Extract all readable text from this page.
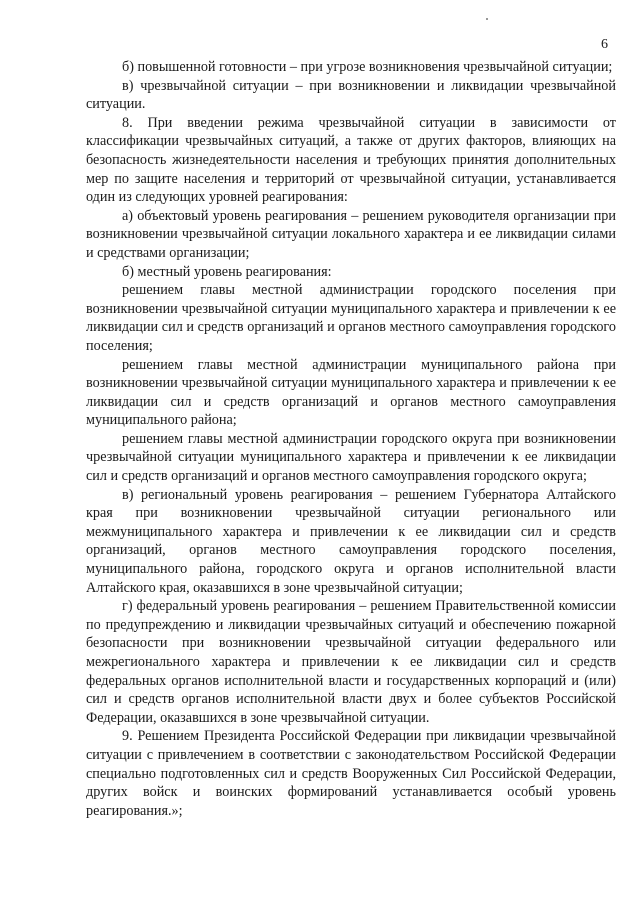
6

б) повышенной готовности – при угрозе возникновения чрезвычайной ситуации;

в) чрезвычайной ситуации – при возникновении и ликвидации чрезвычайной ситуации.

8. При введении режима чрезвычайной ситуации в зависимости от классификации чрезвычайных ситуаций, а также от других факторов, влияющих на безопасность жизнедеятельности населения и требующих принятия дополнительных мер по защите населения и территорий от чрезвычайной ситуации, устанавливается один из следующих уровней реагирования:

а) объектовый уровень реагирования – решением руководителя организации при возникновении чрезвычайной ситуации локального характера и ее ликвидации силами и средствами организации;

б) местный уровень реагирования:

решением главы местной администрации городского поселения при возникновении чрезвычайной ситуации муниципального характера и привлечении к ее ликвидации сил и средств организаций и органов местного самоуправления городского поселения;

решением главы местной администрации муниципального района при возникновении чрезвычайной ситуации муниципального характера и привлечении к ее ликвидации сил и средств организаций и органов местного самоуправления муниципального района;

решением главы местной администрации городского округа при возникновении чрезвычайной ситуации муниципального характера и привлечении к ее ликвидации сил и средств организаций и органов местного самоуправления городского округа;

в) региональный уровень реагирования – решением Губернатора Алтайского края при возникновении чрезвычайной ситуации регионального или межмуниципального характера и привлечении к ее ликвидации сил и средств организаций, органов местного самоуправления городского поселения, муниципального района, городского округа и органов исполнительной власти Алтайского края, оказавшихся в зоне чрезвычайной ситуации;

г) федеральный уровень реагирования – решением Правительственной комиссии по предупреждению и ликвидации чрезвычайных ситуаций и обеспечению пожарной безопасности при возникновении чрезвычайной ситуации федерального или межрегионального характера и привлечении к ее ликвидации сил и средств федеральных органов исполнительной власти и государственных корпораций и (или) сил и средств органов исполнительной власти двух и более субъектов Российской Федерации, оказавшихся в зоне чрезвычайной ситуации.

9. Решением Президента Российской Федерации при ликвидации чрезвычайной ситуации с привлечением в соответствии с законодательством Российской Федерации специально подготовленных сил и средств Вооруженных Сил Российской Федерации, других войск и воинских формирований устанавливается особый уровень реагирования.»;
